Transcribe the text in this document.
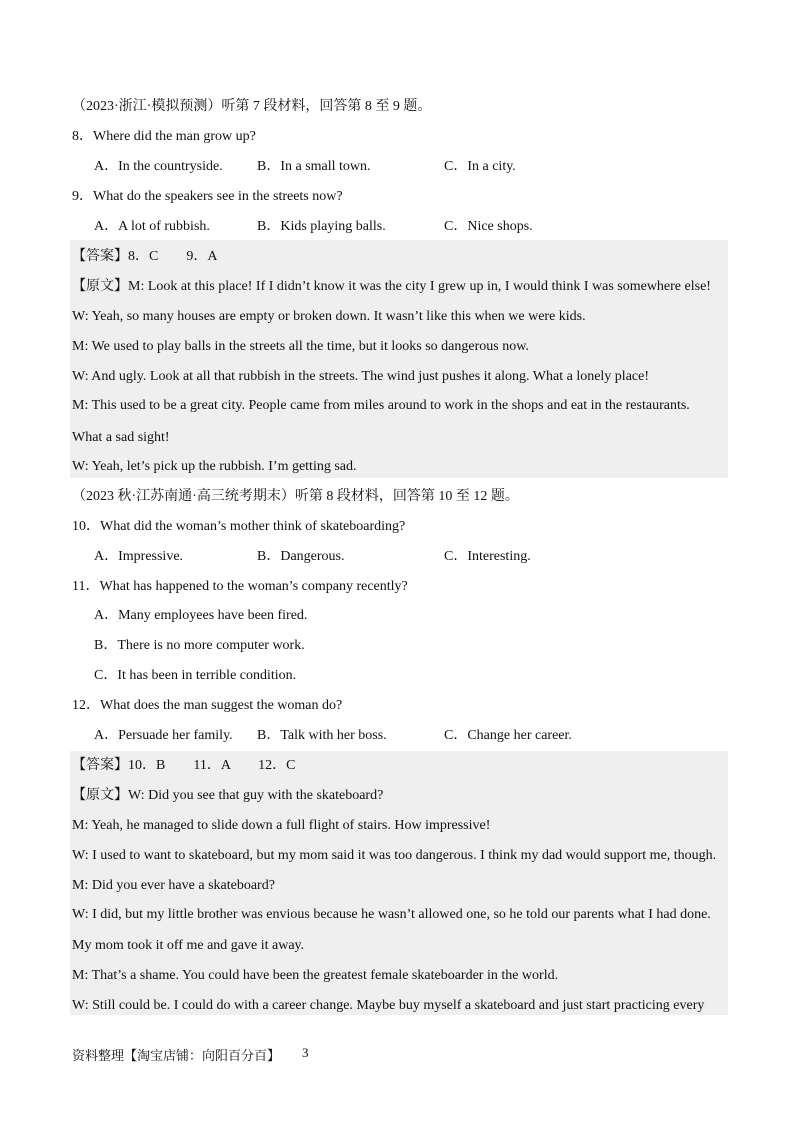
（2023·浙江·模拟预测）听第 7 段材料，回答第 8 至 9 题。
8．Where did the man grow up?
A．In the countryside. B．In a small town.	C．In a city.
9．What do the speakers see in the streets now?
A．A lot of rubbish.	B．Kids playing balls.	C．Nice shops.
【答案】8．C　　9．A
【原文】M: Look at this place! If I didn’t know it was the city I grew up in, I would think I was somewhere else!
W: Yeah, so many houses are empty or broken down. It wasn’t like this when we were kids.
M: We used to play balls in the streets all the time, but it looks so dangerous now.
W: And ugly. Look at all that rubbish in the streets. The wind just pushes it along. What a lonely place!
M: This used to be a great city. People came from miles around to work in the shops and eat in the restaurants.
What a sad sight!
W: Yeah, let’s pick up the rubbish. I’m getting sad.
（2023 秋·江苏南通·高三统考期末）听第 8 段材料，回答第 10 至 12 题。
10．What did the woman’s mother think of skateboarding?
A．Impressive.	B．Dangerous.	C．Interesting.
11．What has happened to the woman’s company recently?
A．Many employees have been fired.
B．There is no more computer work.
C．It has been in terrible condition.
12．What does the man suggest the woman do?
A．Persuade her family. B．Talk with her boss.	C．Change her career.
【答案】10．B　　11．A　　12．C
【原文】W: Did you see that guy with the skateboard?
M: Yeah, he managed to slide down a full flight of stairs. How impressive!
W: I used to want to skateboard, but my mom said it was too dangerous. I think my dad would support me, though.
M: Did you ever have a skateboard?
W: I did, but my little brother was envious because he wasn’t allowed one, so he told our parents what I had done.
My mom took it off me and gave it away.
M: That’s a shame. You could have been the greatest female skateboarder in the world.
W: Still could be. I could do with a career change. Maybe buy myself a skateboard and just start practicing every
资料整理【淘宝店铺：向阳百分百】 3
